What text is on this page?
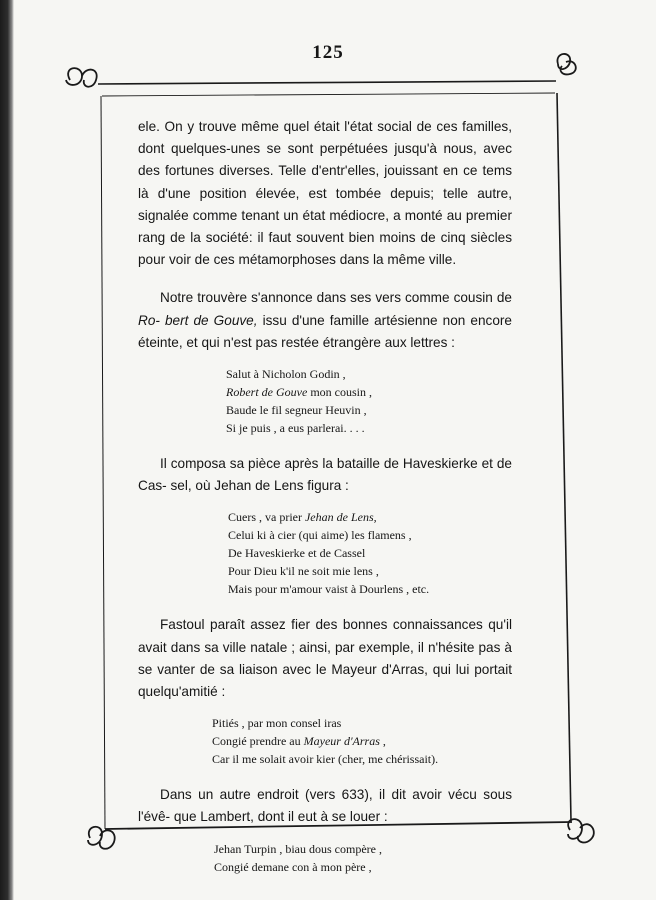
125

ele. On y trouve même quel était l'état social de ces familles, dont quelques-unes se sont perpétuées jusqu'à nous, avec des fortunes diverses. Telle d'entr'elles, jouissant en ce tems là d'une position élevée, est tombée depuis; telle autre, signalée comme tenant un état médiocre, a monté au premier rang de la société: il faut souvent bien moins de cinq siècles pour voir de ces métamorphoses dans la même ville.

Notre trouvère s'annonce dans ses vers comme cousin de Ro- bert de Gouve, issu d'une famille artésienne non encore éteinte, et qui n'est pas restée étrangère aux lettres :

Salut à Nicholon Godin ,
Robert de Gouve mon cousin ,
Baude le fil segneur Heuvin ,
Si je puis , a eus parlerai. . . .

Il composa sa pièce après la bataille de Haveskierke et de Cas- sel, où Jehan de Lens figura :

Cuers , va prier Jehan de Lens,
Celui ki à cier (qui aime) les flamens ,
De Haveskierke et de Cassel
Pour Dieu k'il ne soit mie lens ,
Mais pour m'amour vaist à Dourlens , etc.

Fastoul paraît assez fier des bonnes connaissances qu'il avait dans sa ville natale ; ainsi, par exemple, il n'hésite pas à se vanter de sa liaison avec le Mayeur d'Arras, qui lui portait quelqu'amitié :

Pitiés , par mon consel iras
Congié prendre au Mayeur d'Arras ,
Car il me solait avoir kier (cher, me chérissait).

Dans un autre endroit (vers 633), il dit avoir vécu sous l'évê- que Lambert, dont il eut à se louer :

Jehan Turpin , biau dous compère ,
Congié demane con à mon père ,
